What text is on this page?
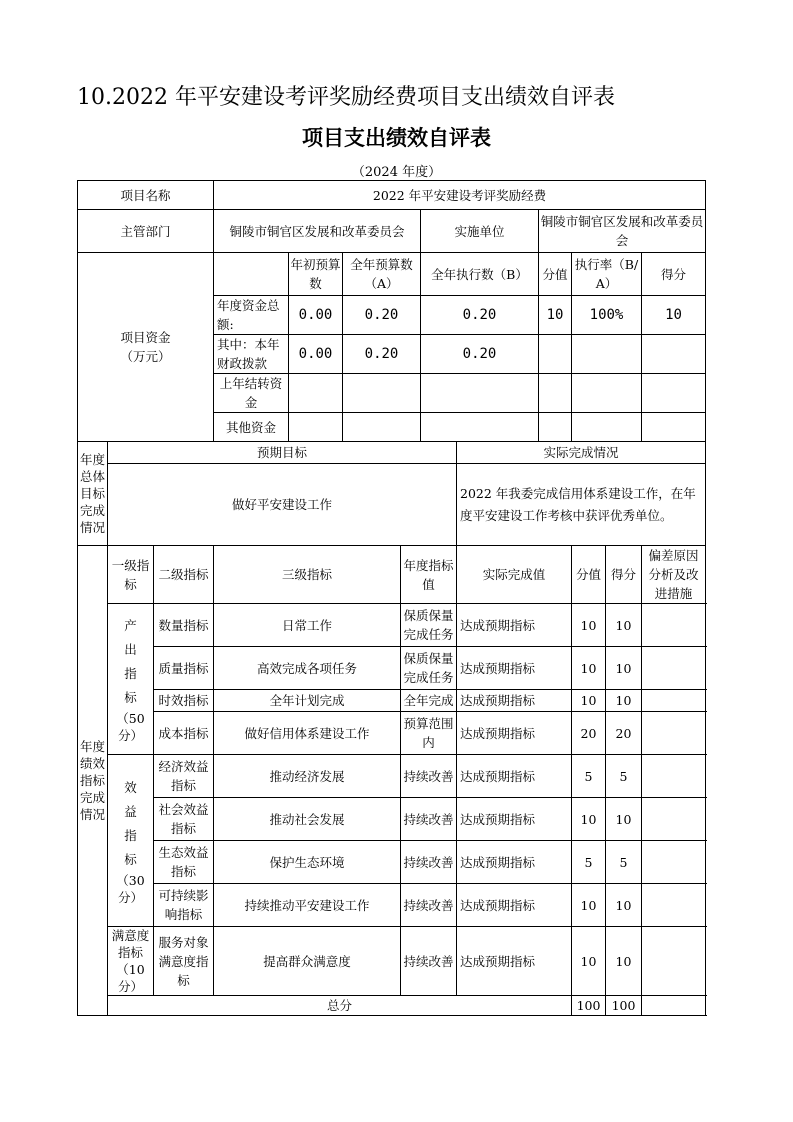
10.2022 年平安建设考评奖励经费项目支出绩效自评表
项目支出绩效自评表
（2024 年度）
项目名称			2022 年平安建设考评奖励经费									
主管部门			铜陵市铜官区发展和改革委员会				实施单位		铜陵市铜官区发展和改革委员会			
项目资金
（万元）				年初预算数	全年预算数（A）		全年执行数（B）		分值	执行率（B/A）		得分
			年度资金总额:	0.00	0.20		0.20		10	100%		10
			其中：本年财政拨款	0.00	0.20		0.20					
			上年结转资金									
			其他资金									
年度总体目标完成情况	预期目标							实际完成情况				
	做好平安建设工作							2022 年我委完成信用体系建设工作，在年度平安建设工作考核中获评优秀单位。				
年度绩效指标完成情况	一级指标	二级指标	三级指标			年度指标值		实际完成值		分值	得分	偏差原因分析及改进措施
	产出指标
（50 分）	数量指标	日常工作			保质保量完成任务		达成预期指标		10	10	
		质量指标	高效完成各项任务			保质保量完成任务		达成预期指标		10	10	
		时效指标	全年计划完成			全年完成		达成预期指标		10	10	
		成本指标	做好信用体系建设工作			预算范围内		达成预期指标		20	20	
	效益指标
（30 分）	经济效益指标	推动经济发展			持续改善		达成预期指标		5	5	
		社会效益指标	推动社会发展			持续改善		达成预期指标		10	10	
		生态效益指标	保护生态环境			持续改善		达成预期指标		5	5	
		可持续影响指标	持续推动平安建设工作			持续改善		达成预期指标		10	10	
	满意度指标
（10 分）	服务对象满意度指标	提高群众满意度			持续改善		达成预期指标		10	10	
	总分									100	100	
